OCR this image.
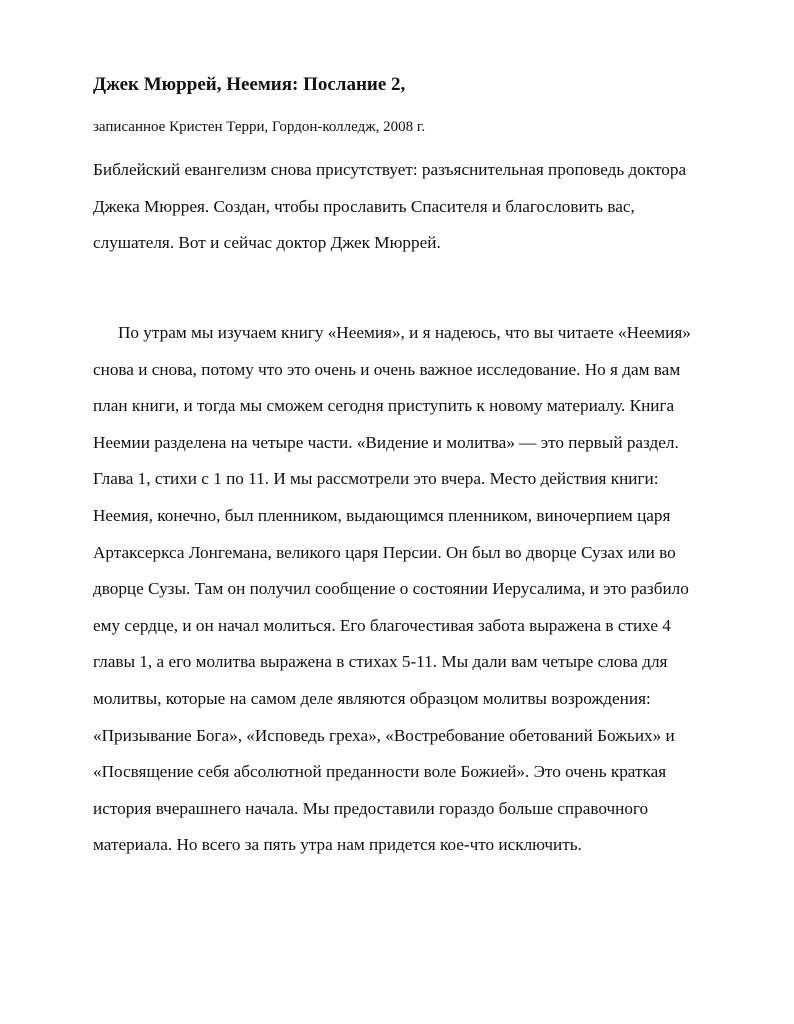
Джек Мюррей, Неемия: Послание 2,
записанное Кристен Терри, Гордон-колледж, 2008 г.
Библейский евангелизм снова присутствует: разъяснительная проповедь доктора
Джека Мюррея. Создан, чтобы прославить Спасителя и благословить вас,
слушателя. Вот и сейчас доктор Джек Мюррей.
По утрам мы изучаем книгу «Неемия», и я надеюсь, что вы читаете «Неемия»
снова и снова, потому что это очень и очень важное исследование. Но я дам вам
план книги, и тогда мы сможем сегодня приступить к новому материалу. Книга
Неемии разделена на четыре части. «Видение и молитва» — это первый раздел.
Глава 1, стихи с 1 по 11. И мы рассмотрели это вчера. Место действия книги:
Неемия, конечно, был пленником, выдающимся пленником, виночерпием царя
Артаксеркса Лонгемана, великого царя Персии. Он был во дворце Сузах или во
дворце Сузы. Там он получил сообщение о состоянии Иерусалима, и это разбило
ему сердце, и он начал молиться. Его благочестивая забота выражена в стихе 4
главы 1, а его молитва выражена в стихах 5-11. Мы дали вам четыре слова для
молитвы, которые на самом деле являются образцом молитвы возрождения:
«Призывание Бога», «Исповедь греха», «Востребование обетований Божьих» и
«Посвящение себя абсолютной преданности воле Божией». Это очень краткая
история вчерашнего начала. Мы предоставили гораздо больше справочного
материала. Но всего за пять утра нам придется кое-что исключить.
